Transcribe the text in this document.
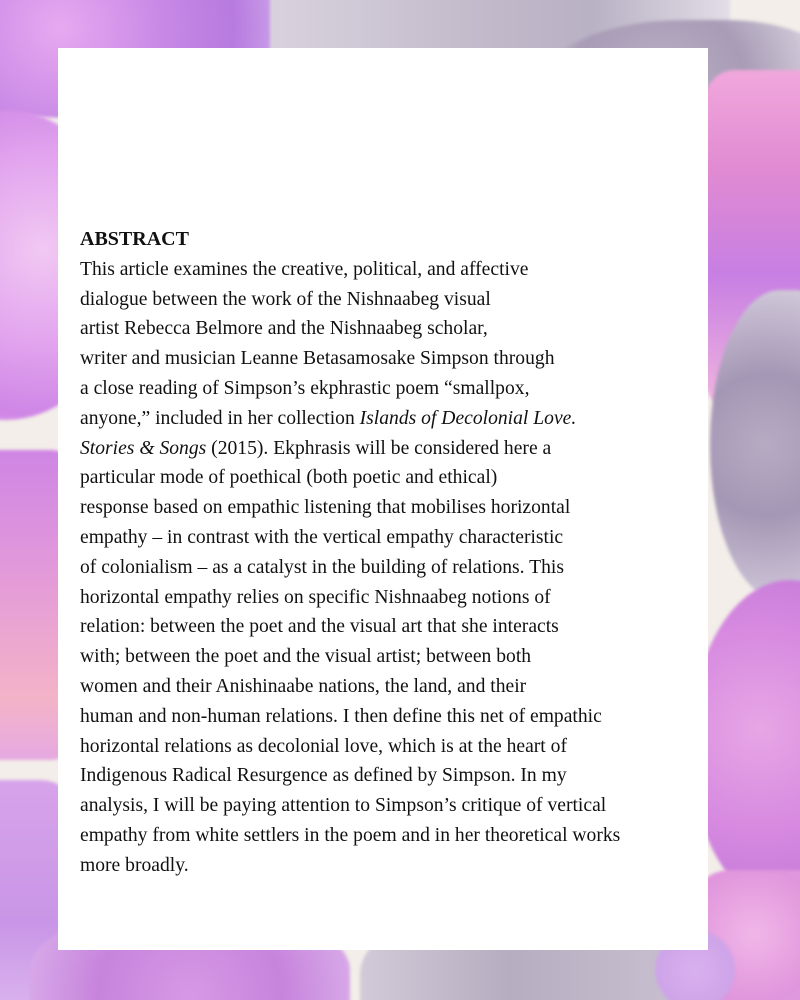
ABSTRACT

This article examines the creative, political, and affective
dialogue between the work of the Nishnaabeg visual
artist Rebecca Belmore and the Nishnaabeg scholar,
writer and musician Leanne Betasamosake Simpson through
a close reading of Simpson’s ekphrastic poem “smallpox,
anyone,” included in her collection Islands of Decolonial Love.
Stories & Songs (2015). Ekphrasis will be considered here a
particular mode of poethical (both poetic and ethical)
response based on empathic listening that mobilises horizontal
empathy – in contrast with the vertical empathy characteristic
of colonialism – as a catalyst in the building of relations. This
horizontal empathy relies on specific Nishnaabeg notions of
relation: between the poet and the visual art that she interacts
with; between the poet and the visual artist; between both
women and their Anishinaabe nations, the land, and their
human and non-human relations. I then define this net of empathic
horizontal relations as decolonial love, which is at the heart of
Indigenous Radical Resurgence as defined by Simpson. In my
analysis, I will be paying attention to Simpson’s critique of vertical
empathy from white settlers in the poem and in her theoretical works
more broadly.
